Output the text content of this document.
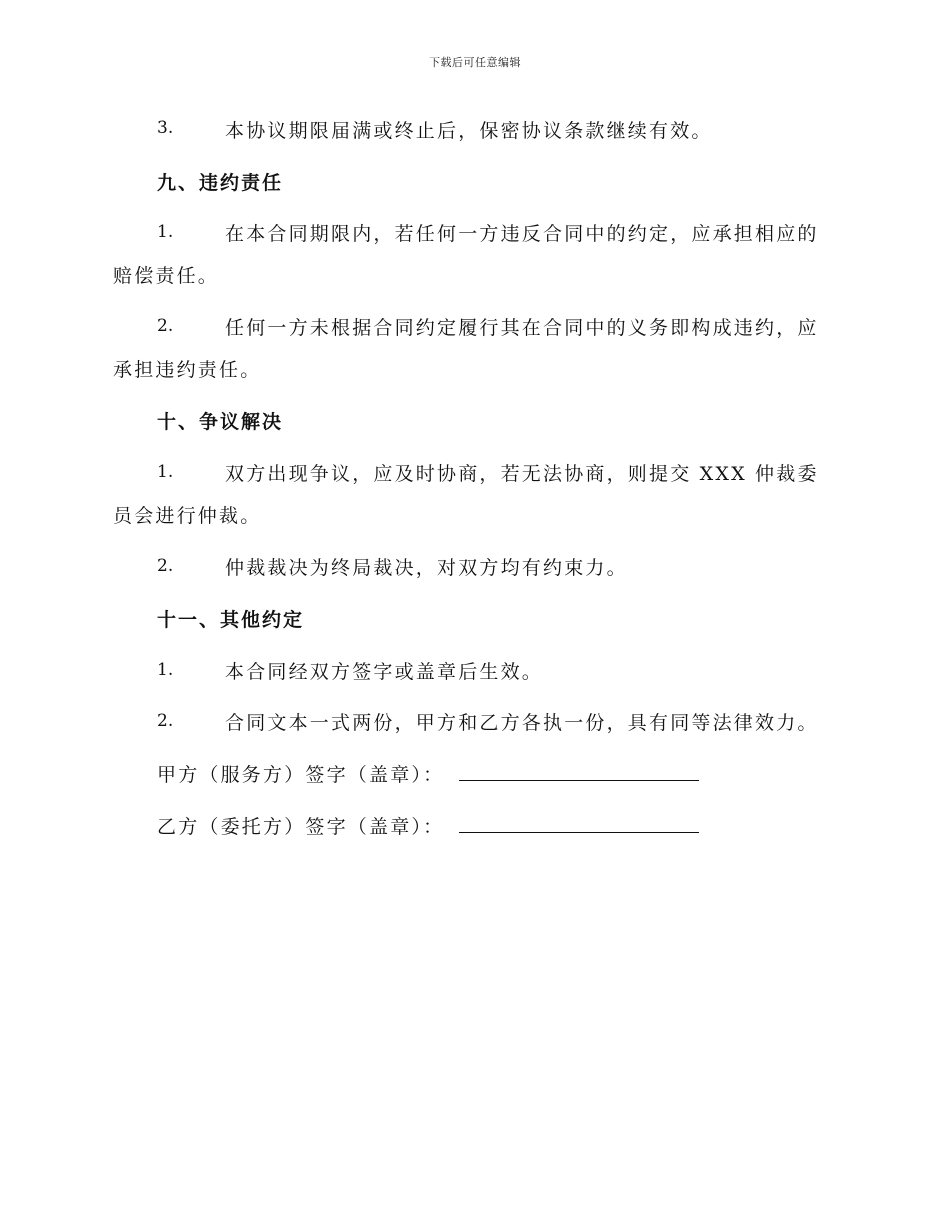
下载后可任意编辑
3.	本协议期限届满或终止后，保密协议条款继续有效。
九、违约责任
1.	在本合同期限内，若任何一方违反合同中的约定，应承担相应的
赔偿责任。
2.	任何一方未根据合同约定履行其在合同中的义务即构成违约，应
承担违约责任。
十、争议解决
1.	双方出现争议，应及时协商，若无法协商，则提交 XXX 仲裁委
员会进行仲裁。
2.	仲裁裁决为终局裁决，对双方均有约束力。
十一、其他约定
1.	本合同经双方签字或盖章后生效。
2.	合同文本一式两份，甲方和乙方各执一份，具有同等法律效力。
甲方（服务方）签字（盖章）：
乙方（委托方）签字（盖章）：
